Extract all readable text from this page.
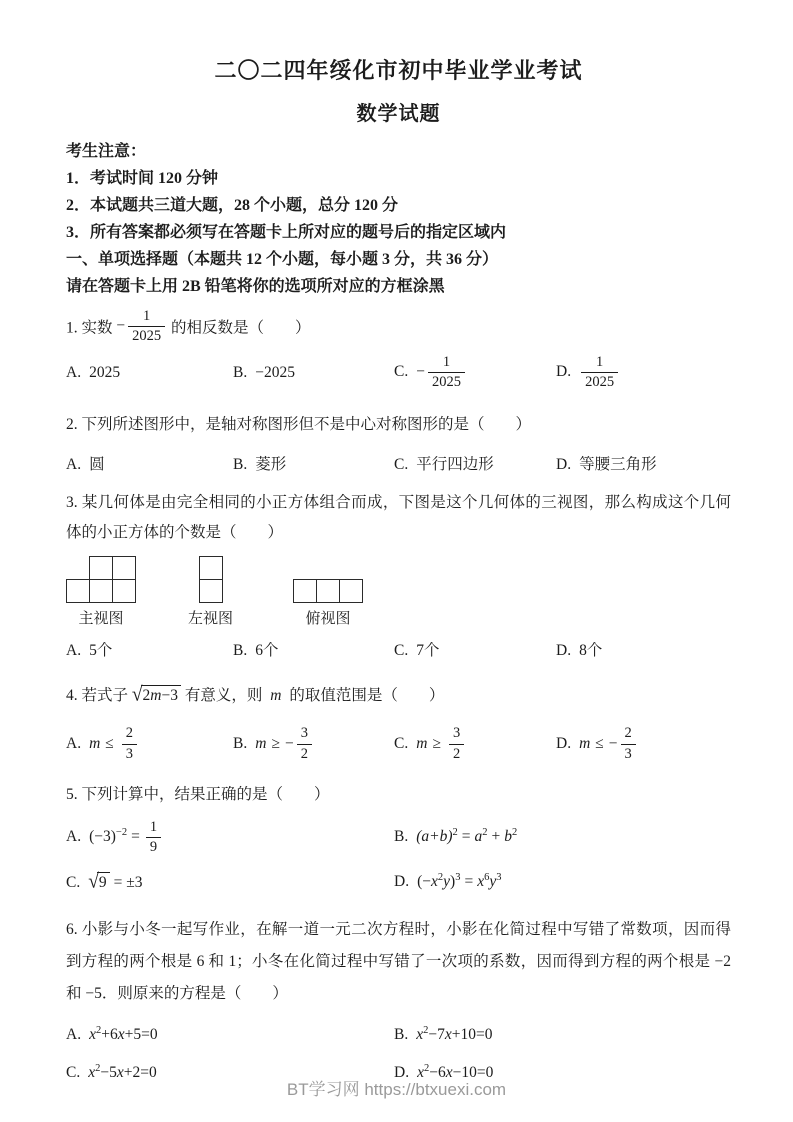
二〇二四年绥化市初中毕业学业考试
数学试题
考生注意：
1．考试时间 120 分钟
2．本试题共三道大题，28 个小题，总分 120 分
3．所有答案都必须写在答题卡上所对应的题号后的指定区域内
一、单项选择题（本题共 12 个小题，每小题 3 分，共 36 分）
请在答题卡上用 2B 铅笔将你的选项所对应的方框涂黑
1. 实数 − $\frac{1}{2025}$ 的相反数是（　　）
A. 2025	B. −2025	C. − $\frac{1}{2025}$	D. $\frac{1}{2025}$
2. 下列所述图形中，是轴对称图形但不是中心对称图形的是（　　）
A. 圆	B. 菱形	C. 平行四边形	D. 等腰三角形
3. 某几何体是由完全相同的小正方体组合而成，下图是这个几何体的三视图，那么构成这个几何体的小正方体的个数是（　　）
主视图	左视图	俯视图
A. 5个	B. 6个	C. 7个	D. 8个
4. 若式子 √2m−3 有意义，则 m 的取值范围是（　　）
A. $m \le \frac{2}{3}$	B. m ≥ − $\frac{3}{2}$	C. $m \ge \frac{3}{2}$	D. m ≤ − $\frac{2}{3}$
5. 下列计算中，结果正确的是（　　）
A. $(-3)^{-2} = \frac{1}{9}$	B. $(a+b)^2 = a^2 + b^2$
C. √9 = ±3	D. $(-x^2y)^3 = x^6y^3$
6. 小影与小冬一起写作业，在解一道一元二次方程时，小影在化简过程中写错了常数项，因而得到方程的两个根是 6 和 1；小冬在化简过程中写错了一次项的系数，因而得到方程的两个根是 −2 和 −5．则原来的方程是（　　）
A. $x^2+6x+5=0$	B. $x^2-7x+10=0$
C. $x^2-5x+2=0$	D. $x^2-6x-10=0$
BT学习网 https://btxuexi.com
